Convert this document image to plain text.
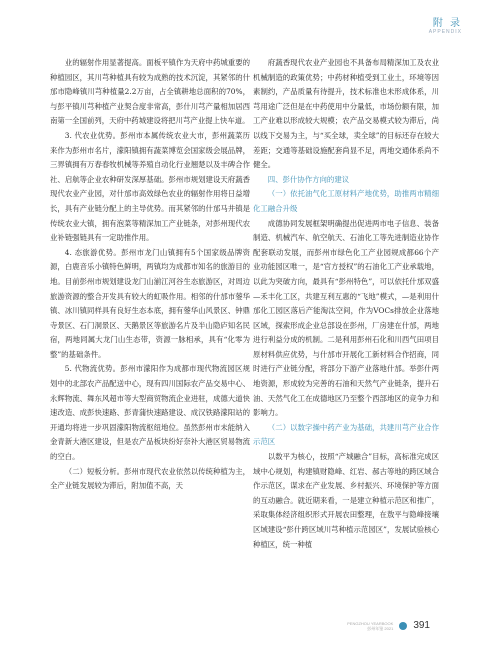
附 录
APPENDIX

业的辐射作用显著提高。面板平镇作为天府中药城重要的种植园区，其川芎种植具有较为成熟的技术沉淀，其紧邻的什邡市隐峰镇川芎种植量2.2万亩，占全镇耕地总面积的70%，与彭平镇川芎种植产业契合度非常高，彭什川芎产量相加居西南第一全国前列，天府中药城建设将把川芎产业提上快车道。

3. 代农业优势。彭州市本属传统农业大市，彭州蔬菜历来作为彭州市名片，濛阳镇拥有蔬菜博览会国家级会展品牌，三界镇拥有万春春牧机械等养殖自动化行业翘楚以及丰碑合作社、启航等企业农种研发深厚基础。彭州市规划建设天府蔬香现代农业产业园，对什邡市高效绿色农业的辐射作用将日益增长，具有产业链分配上的主导优势。而其紧邻的什邡马井镇是传统农业大镇，拥有泡菜等精深加工产业链条，对彭州现代农业补链强链具有一定助推作用。

4. 态旅游优势。彭州市龙门山镇拥有5个国家级品牌资源，白鹿音乐小镇特色鲜明，两镇均为成都市知名的旅游目的地。目前彭州市规划建设龙门山湔江河谷生态旅游区，对周边旅游资源的整合开发具有较大的虹吸作用。相邻的什邡市蓥华镇、冰川镇同样具有良好生态本底，拥有蓥华山风景区、钟鼎寺景区、石门洞景区、天鹅景区等旅游名片及半山隐庐知名民宿，两地同属大龙门山生态带，资源一脉相承，具有“化零为整”的基础条件。

5. 代物流优势。彭州市濛阳作为成都市现代物流园区规划中的北部农产品配送中心，现有四川国际农产品交易中心、永辉物流、舞东风超市等大型商贸物流企业进驻，成德大道快速改造、成彭快速路、彭青蒲快速路建设、成汉铁路濛阳站的开通均将进一步巩固濛阳物流枢纽地位。虽然彭州市未能纳入金青新大港区建设，但是农产品板块纷好奈补大港区贸易物流的空白。

（二）短板分析。彭州市现代农业依然以传统种植为主，全产业链发展较为滞后，附加值不高，天

府蔬香现代农业产业园也不具备布局精深加工及农业机械制造的政策优势；中药材种植受到工业土，环境等因素制约，产品质量有待提升，技术标准也未形成体系，川芎用途广泛但是在中药使用中分量低，市场份额有限，加工产业难以形成较大规模；农产品交易模式较为滞后，尚以线下交易为主，与“买全球，卖全球”的目标还存在较大差距；交通等基础设施配套尚显不足，两地交通体系尚不健全。

四、彭什协作方向的建议

（一）依托油气化工原材料产地优势，助推两市精细化工融合升级

成德协同发展框架明确提出促进两市电子信息、装备制造、机械汽车、航空航天、石油化工等先进制造业协作配套联动发展，而彭州市绿色化工产业园规成都66个产业功能园区唯一，是“官方授权”的石油化工产业承载地，以此为突破方向，最具有“彭州特色”，可以依托什邡双盛—禾丰化工区，共建互利互惠的“飞地”模式，—是利用什邡化工园区落后产能淘汰空间，作为VOCs排放企业落地区域，探索形成企业总部设在彭州，厂房建在什邡，两地进行利益分成的机制。二是利用彭州石化和川西气田项目原材料供应优势，与什邡市开展化工新材料合作招商，同时进行产业链分配，将部分下游产业落地什邡。举彭什两地资源，形成较为完善的石油和天然气产业链条，提升石油、天然气化工在成德地区乃至整个西部地区的竞争力和影响力。

（二）以数字操中药产业为基础，共建川芎产业合作示范区

以数平为核心，按照“产城融合”目标，高标准完成区域中心规划，构建镇财隐峰、红岩、郝古等地的跨区域合作示范区，谋求在产业发展、乡村振兴、环境保护等方面的互动融合。就近期来看，一是建立种植示范区和推广，采取集体经济组织形式开展农田整理，在敖平与隐峰接壤区域建设“彭什跨区域川芎种植示范园区”，发展试验核心种植区，统一种植

PENGZHOU YEARBOOK
彭州年鉴 2021 391
